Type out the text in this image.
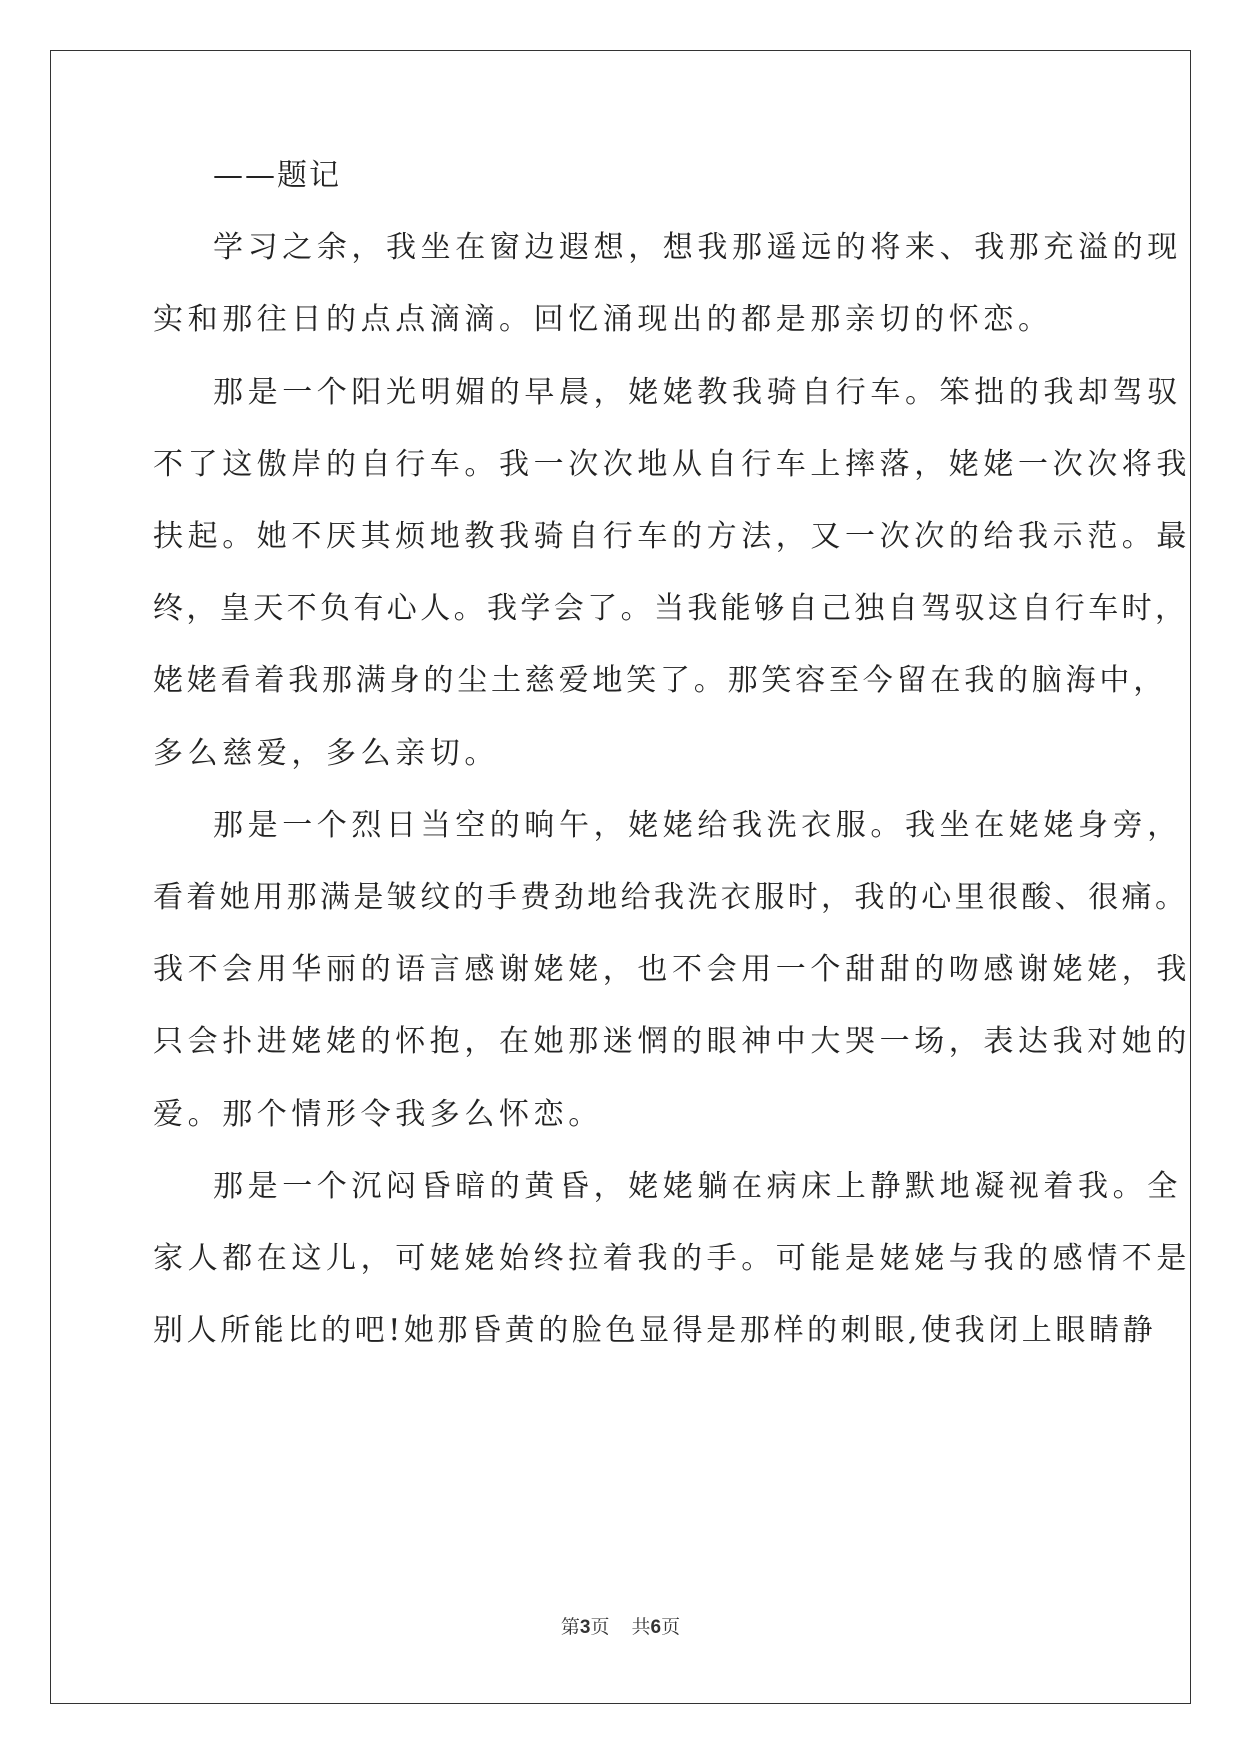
——题记
学习之余，我坐在窗边遐想，想我那遥远的将来、我那充溢的现
实和那往日的点点滴滴。回忆涌现出的都是那亲切的怀恋。
那是一个阳光明媚的早晨，姥姥教我骑自行车。笨拙的我却驾驭
不了这傲岸的自行车。我一次次地从自行车上摔落，姥姥一次次将我
扶起。她不厌其烦地教我骑自行车的方法，又一次次的给我示范。最
终，皇天不负有心人。我学会了。当我能够自己独自驾驭这自行车时，
姥姥看着我那满身的尘土慈爱地笑了。那笑容至今留在我的脑海中，
多么慈爱，多么亲切。
那是一个烈日当空的晌午，姥姥给我洗衣服。我坐在姥姥身旁，
看着她用那满是皱纹的手费劲地给我洗衣服时，我的心里很酸、很痛。
我不会用华丽的语言感谢姥姥，也不会用一个甜甜的吻感谢姥姥，我
只会扑进姥姥的怀抱，在她那迷惘的眼神中大哭一场，表达我对她的
爱。那个情形令我多么怀恋。
那是一个沉闷昏暗的黄昏，姥姥躺在病床上静默地凝视着我。全
家人都在这儿，可姥姥始终拉着我的手。可能是姥姥与我的感情不是
别人所能比的吧!她那昏黄的脸色显得是那样的刺眼,使我闭上眼睛静
第3页 共6页
